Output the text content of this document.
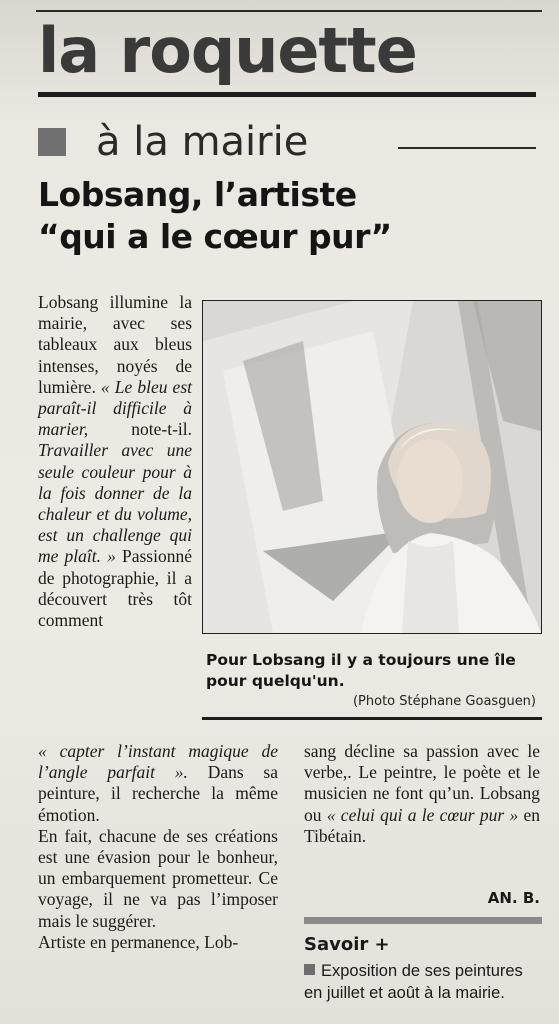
la roquette
à la mairie
Lobsang, l’artiste
“qui a le cœur pur”

Lobsang illumine la mairie, avec ses tableaux aux bleus intenses, noyés de lumière. « Le bleu est paraît-il difficile à marier, note-t-il. Travailler avec une seule couleur pour à la fois donner de la chaleur et du volume, est un challenge qui me plaît. » Passionné de photographie, il a découvert très tôt comment

Pour Lobsang il y a toujours une île pour quelqu'un.
(Photo Stéphane Goasguen)

« capter l’instant magique de l’angle parfait ». Dans sa peinture, il recherche la même émotion.

En fait, chacune de ses créations est une évasion pour le bonheur, un embarquement prometteur. Ce voyage, il ne va pas l’imposer mais le suggérer.

Artiste en permanence, Lob-

sang décline sa passion avec le verbe,. Le peintre, le poète et le musicien ne font qu’un. Lobsang ou « celui qui a le cœur pur » en Tibétain.

AN. B.
Savoir +
Exposition de ses peintures en juillet et août à la mairie.
